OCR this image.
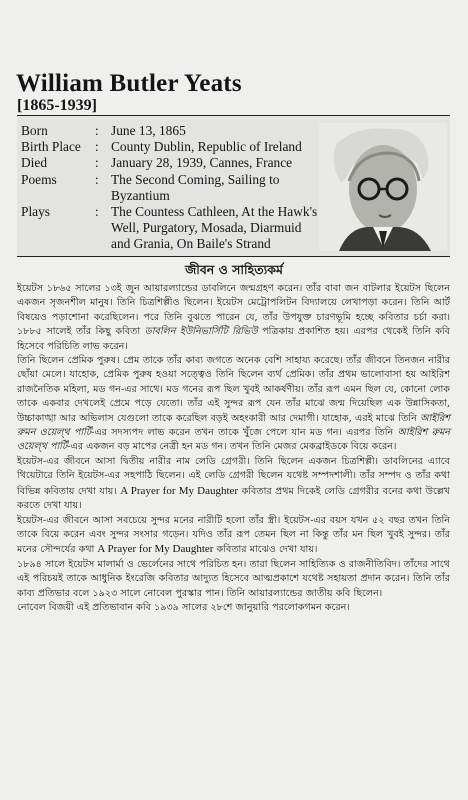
William Butler Yeats
[1865-1939]
Born	: June 13, 1865
Birth Place	: County Dublin, Republic of Ireland
Died	: January 28, 1939, Cannes, France
Poems	: The Second Coming, Sailing to Byzantium
Plays	: The Countess Cathleen, At the Hawk's Well, Purgatory, Mosada, Diarmuid and Grania, On Baile's Strand
জীবন ও সাহিত্যকর্ম

ইয়েটস ১৮৬৫ সালের ১৩ই জুন আয়ারল্যান্ডের ডাবলিনে জন্মগ্রহণ করেন। তাঁর বাবা জন বাটলার ইয়েটস ছিলেন একজন সৃজনশীল মানুষ। তিনি চিত্রশিল্পীও ছিলেন। ইয়েটস মেট্রোপলিটন বিদ্যালয়ে লেখাপড়া করেন। তিনি আর্ট বিষয়েও পড়াশোনা করেছিলেন। পরে তিনি বুঝতে পারেন যে, তাঁর উপযুক্ত চারণভূমি হচ্ছে কবিতার চর্চা করা। ১৮৮৫ সালেই তাঁর কিছু কবিতা ডাবলিন ইউনিভার্সিটি রিভিউ পত্রিকায় প্রকাশিত হয়। এরপর থেকেই তিনি কবি হিসেবে পরিচিতি লাভ করেন।

তিনি ছিলেন প্রেমিক পুরুষ। প্রেম তাকে তাঁর কাব্য জগতে অনেক বেশি সাহায্য করেছে। তাঁর জীবনে তিনজন নারীর ছোঁয়া মেলে। যাহোক, প্রেমিক পুরুষ হওয়া সত্ত্বেও তিনি ছিলেন ব্যর্থ প্রেমিক। তাঁর প্রথম ভালোবাসা হয় আইরিশ রাজনৈতিক মহিলা, মড গন-এর সাথে। মড গনের রূপ ছিল খুবই আকর্ষণীয়। তাঁর রূপ এমন ছিল যে, কোনো লোক তাকে একবার দেখলেই প্রেমে পড়ে যেতো। তাঁর এই সুন্দর রূপ যেন তাঁর মাঝে জন্ম দিয়েছিল এক উন্নাসিকতা, উচ্চাকাঙ্খা আর অভিলাস যেগুলো তাকে করেছিল বড়ই অহংকারী আর দেমাগী। যাহোক, এরই মাঝে তিনি আইরিশ রুমন ওয়েল্থ পার্টি-এর সদস্যপদ লাভ করেন তখন তাকে খুঁজে পেলে যান মড গন। এরপর তিনি আইরিশ রুমন ওয়েল্থ পার্টি-এর একজন বড় মাপের নেত্রী হন মড গন। তখন তিনি মেজর মেকব্রাইডকে বিয়ে করেন।

ইয়েটস-এর জীবনে আসা দ্বিতীয় নারীর নাম লেডি গ্রেগরী। তিনি ছিলেন একজন চিত্রশিল্পী। ডাবলিনের এ্যাবে থিয়েটারে তিনি ইয়েটস-এর সহপাঠি ছিলেন। এই লেডি গ্রেগরী ছিলেন যথেষ্ট সম্পদশালী। তাঁর সম্পদ ও তাঁর কথা বিভিন্ন কবিতায় দেখা যায়। A Prayer for My Daughter কবিতার প্রথম দিকেই লেডি গ্রেগরীর বনের কথা উল্লেখ করতে দেখা যায়।

ইয়েটস-এর জীবনে আসা সবচেয়ে সুন্দর মনের নারীটি হলো তাঁর স্ত্রী। ইয়েটস-এর বয়স যখন ৫২ বছর তখন তিনি তাকে বিয়ে করেন এবং সুন্দর সংসার গড়েন। যদিও তাঁর রূপ তেমন ছিল না কিন্তু তাঁর মন ছিল খুবই সুন্দর। তাঁর মনের সৌন্দর্যের কথা A Prayer for My Daughter কবিতার মাঝেও দেখা যায়।

১৮৯৪ সালে ইয়েটস মালার্মা ও ভের্লেনের সাথে পরিচিত হন। তারা ছিলেন সাহিত্যিক ও রাজনীতিবিদ। তাঁদের সাথে এই পরিচয়ই তাকে আধুনিক ইংরেজি কবিতার আদ্যুত হিসেবে আত্মপ্রকাশে যথেষ্ট সহায়তা প্রদান করেন। তিনি তাঁর কাব্য প্রতিভার বলে ১৯২৩ সালে নোবেল পুরস্কার পান। তিনি আয়ারল্যান্ডের জাতীয় কবি ছিলেন।

নোবেল বিজয়ী এই প্রতিভাবান কবি ১৯৩৯ সালের ২৮শে জানুয়ারি পরলোকগমন করেন।
